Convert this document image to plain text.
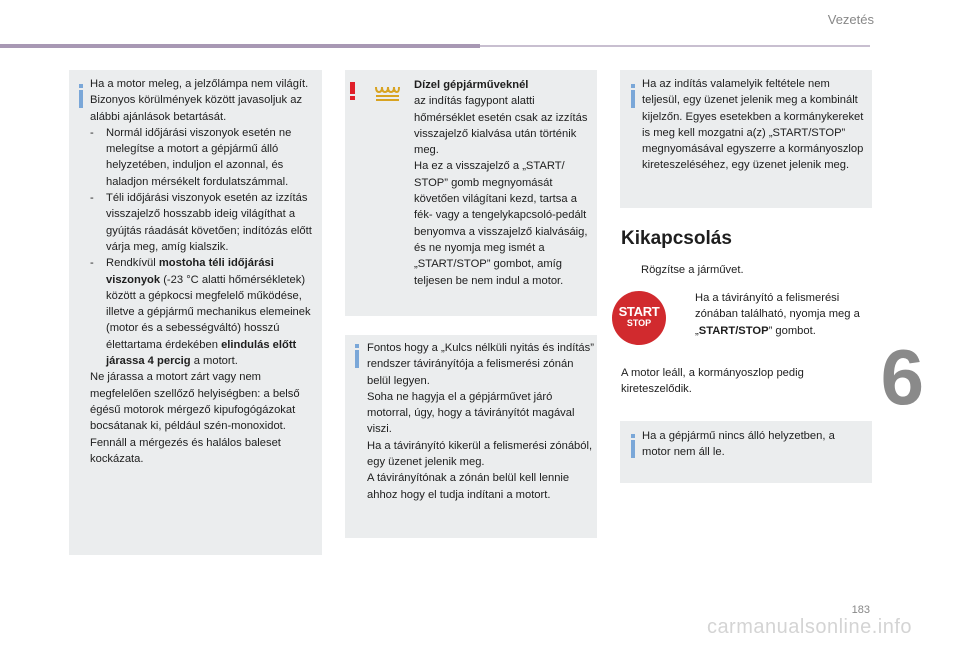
Vezetés
6

Ha a motor meleg, a jelzőlámpa nem világít. Bizonyos körülmények között javasoljuk az alábbi ajánlások betartását.

- Normál időjárási viszonyok esetén ne melegítse a motort a gépjármű álló helyzetében, induljon el azonnal, és haladjon mérsékelt fordulatszámmal.

- Téli időjárási viszonyok esetén az izzítás visszajelző hosszabb ideig világíthat a gyújtás ráadását követően; indítózás előtt várja meg, amíg kialszik.

- Rendkívül mostoha téli időjárási viszonyok (-23 °C alatti hőmérsékletek) között a gépkocsi megfelelő működése, illetve a gépjármű mechanikus elemeinek (motor és a sebességváltó) hosszú élettartama érdekében elindulás előtt járassa 4 percig a motort.

Ne járassa a motort zárt vagy nem megfelelően szellőző helyiségben: a belső égésű motorok mérgező kipufogógázokat bocsátanak ki, például szén-monoxidot. Fennáll a mérgezés és halálos baleset kockázata.

Dízel gépjárműveknél

az indítás fagypont alatti hőmérséklet esetén csak az izzítás visszajelző kialvása után történik meg.

Ha ez a visszajelző a „START/ STOP” gomb megnyomását követően világítani kezd, tartsa a fék- vagy a tengelykapcsoló-pedált benyomva a visszajelző kialvásáig, és ne nyomja meg ismét a „START/STOP” gombot, amíg teljesen be nem indul a motor.

Fontos hogy a „Kulcs nélküli nyitás és indítás” rendszer távirányítója a felismerési zónán belül legyen.

Soha ne hagyja el a gépjárművet járó motorral, úgy, hogy a távirányítót magával viszi.

Ha a távirányító kikerül a felismerési zónából, egy üzenet jelenik meg.

A távirányítónak a zónán belül kell lennie ahhoz hogy el tudja indítani a motort.

Ha az indítás valamelyik feltétele nem teljesül, egy üzenet jelenik meg a kombinált kijelzőn. Egyes esetekben a kormánykereket is meg kell mozgatni a(z) „START/STOP” megnyomásával egyszerre a kormányoszlop kireteszeléséhez, egy üzenet jelenik meg.

Kikapcsolás
Rögzítse a járművet.
START
STOP

Ha a távirányító a felismerési zónában található, nyomja meg a „START/STOP” gombot.

A motor leáll, a kormányoszlop pedig kireteszelődik.

Ha a gépjármű nincs álló helyzetben, a motor nem áll le.

183
carmanualsonline.info
